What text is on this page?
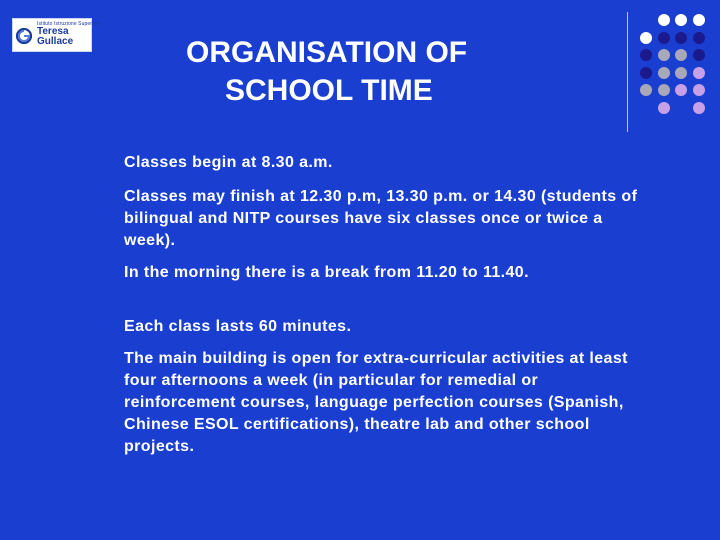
Istituto Istruzione Superiore
Teresa
Gullace	ORGANISATION OF
SCHOOL TIME

Classes begin at 8.30 a.m.

Classes may finish at 12.30 p.m, 13.30 p.m. or 14.30 (students of bilingual and NITP courses have six classes once or twice a week).

In the morning there is a break from 11.20 to 11.40.

Each class lasts 60 minutes.

The main building is open for extra-curricular activities at least four afternoons a week (in particular for remedial or reinforcement courses, language perfection courses (Spanish, Chinese ESOL certifications), theatre lab and other school projects.
